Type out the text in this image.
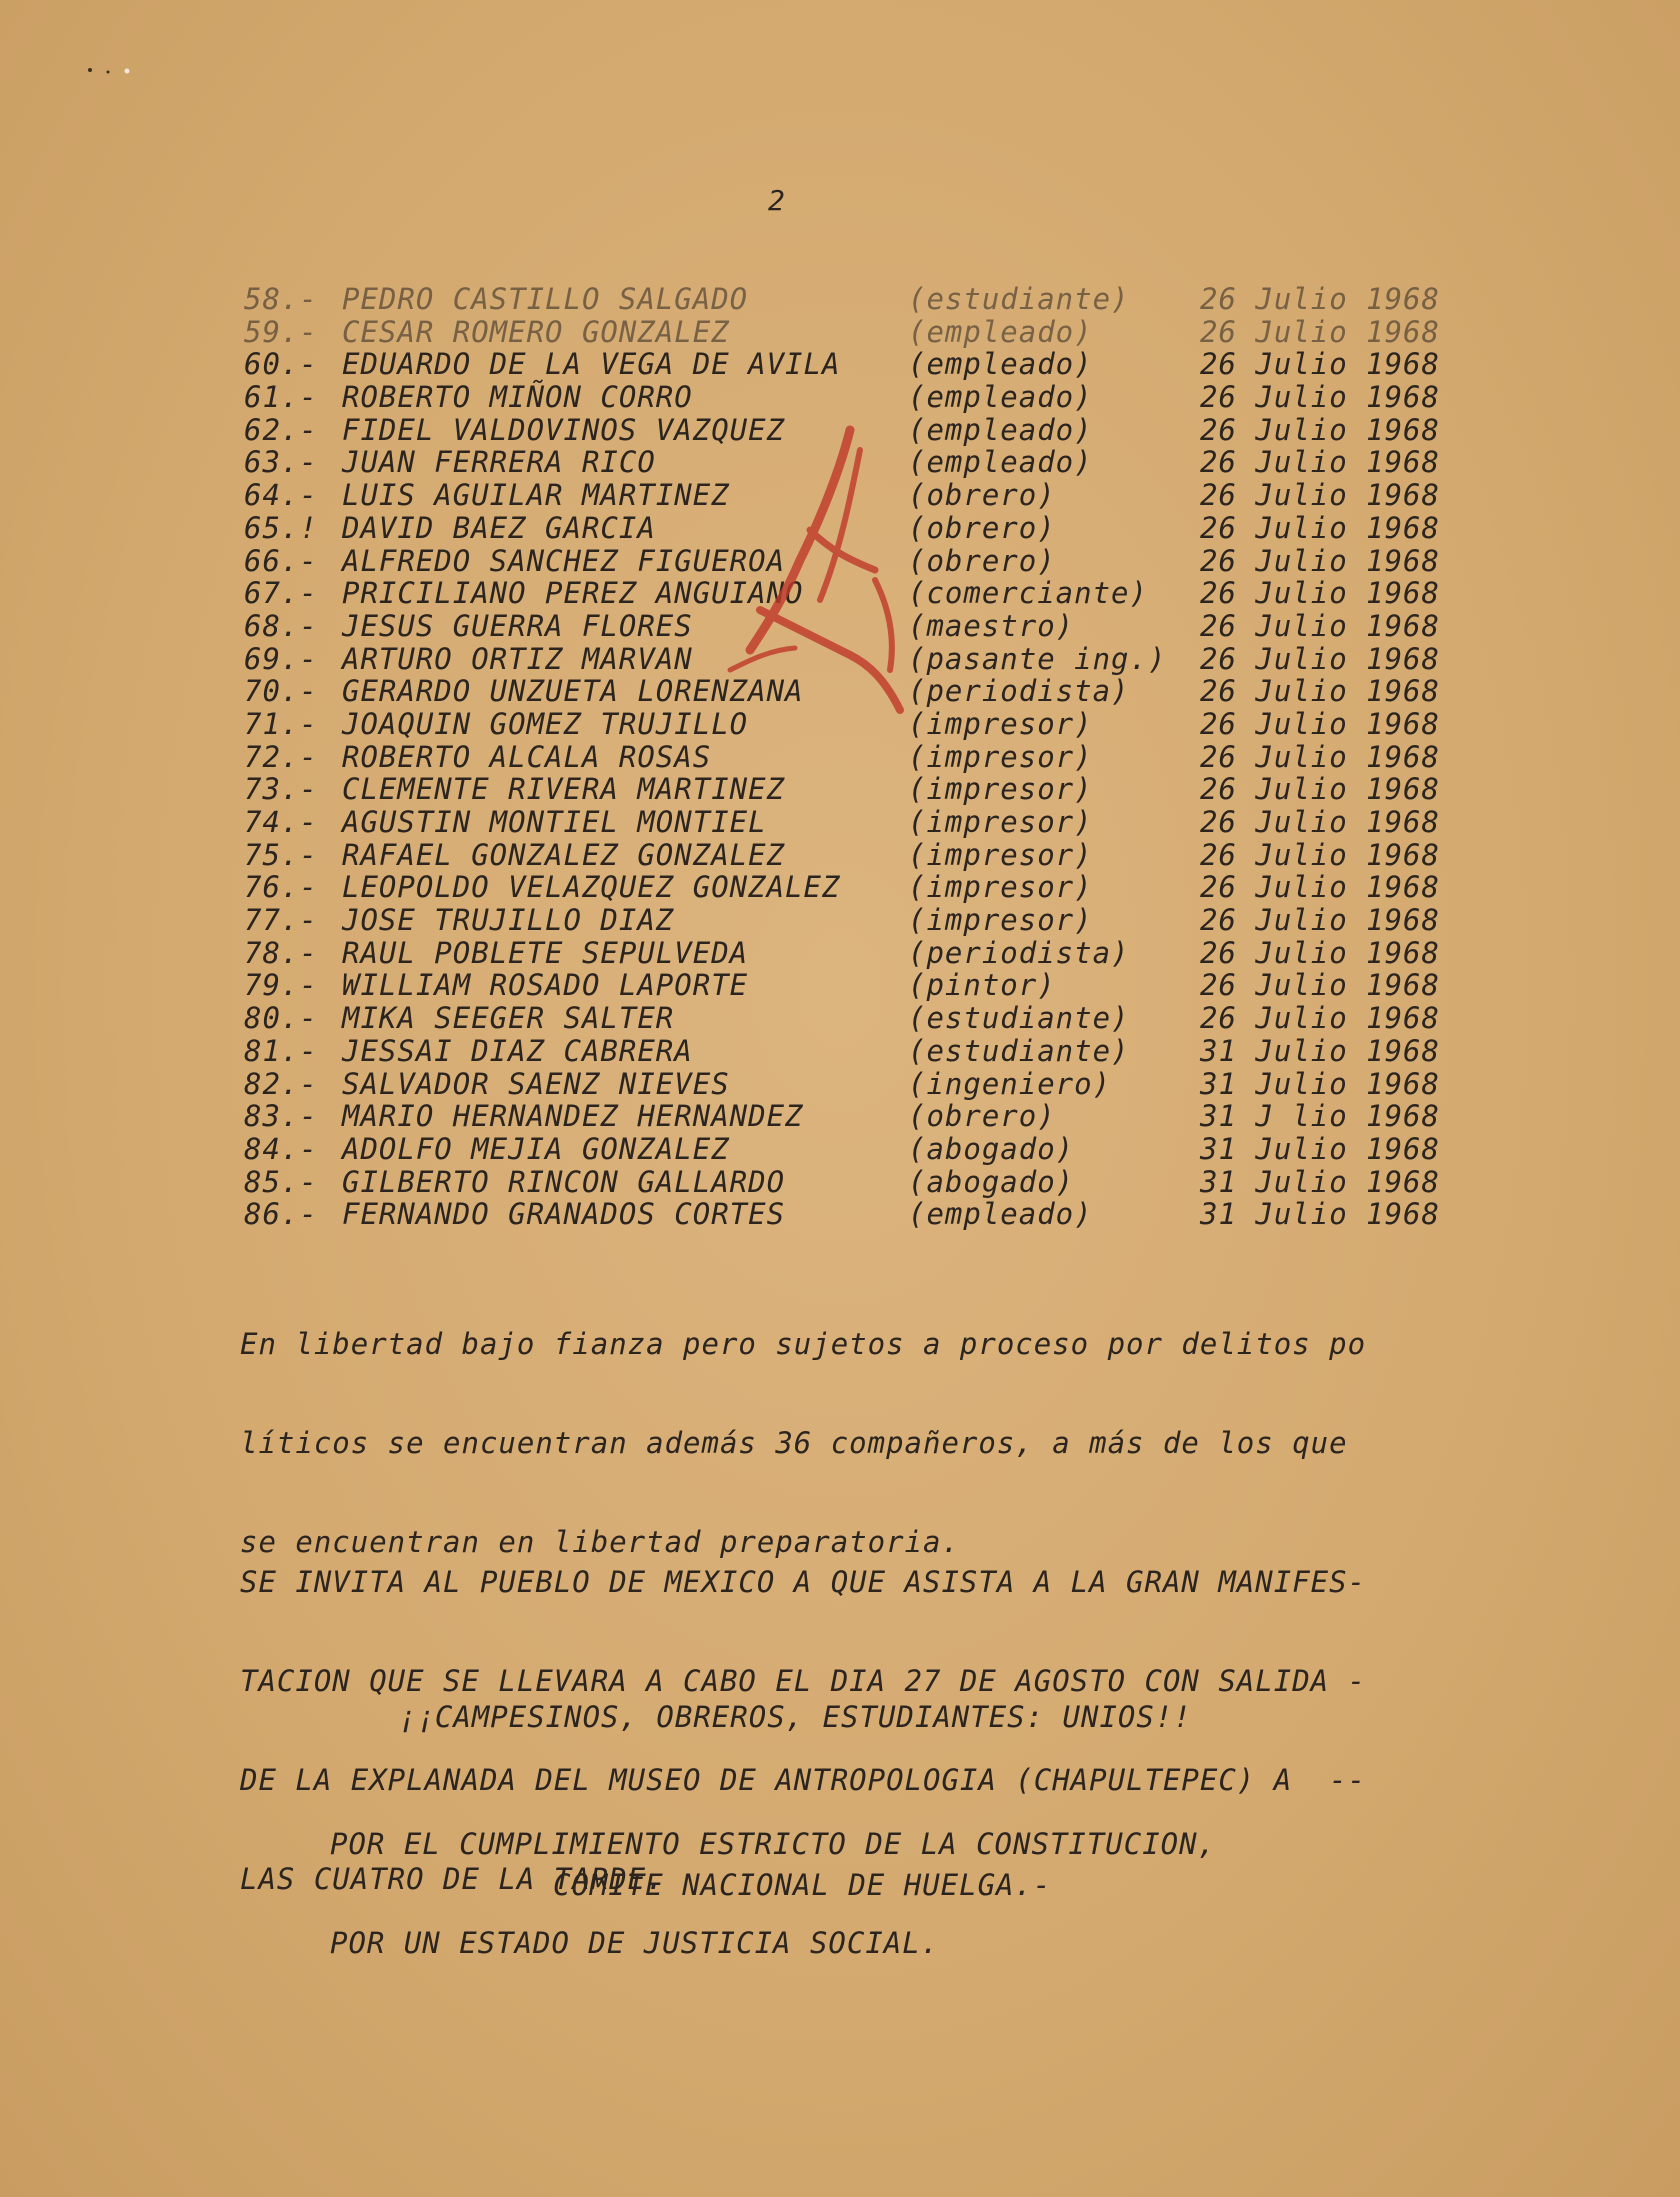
2
58.- PEDRO CASTILLO SALGADO	(estudiante) 26 Julio 1968
59.- CESAR ROMERO GONZALEZ	(empleado)	26 Julio 1968
60.- EDUARDO DE LA VEGA DE AVILA (empleado)	26 Julio 1968
61.- ROBERTO MIÑON CORRO	(empleado)	26 Julio 1968
62.- FIDEL VALDOVINOS VAZQUEZ	(empleado)	26 Julio 1968
63.- JUAN FERRERA RICO	(empleado)	26 Julio 1968
64.- LUIS AGUILAR MARTINEZ	(obrero)	26 Julio 1968
65.! DAVID BAEZ GARCIA	(obrero)	26 Julio 1968
66.- ALFREDO SANCHEZ FIGUEROA	(obrero)	26 Julio 1968
67.- PRICILIANO PEREZ ANGUIANO	(comerciante) 26 Julio 1968
68.- JESUS GUERRA FLORES	(maestro)	26 Julio 1968
69.- ARTURO ORTIZ MARVAN	(pasante ing.) 26 Julio 1968
70.- GERARDO UNZUETA LORENZANA	(periodista) 26 Julio 1968
71.- JOAQUIN GOMEZ TRUJILLO	(impresor)	26 Julio 1968
72.- ROBERTO ALCALA ROSAS	(impresor)	26 Julio 1968
73.- CLEMENTE RIVERA MARTINEZ	(impresor)	26 Julio 1968
74.- AGUSTIN MONTIEL MONTIEL	(impresor)	26 Julio 1968
75.- RAFAEL GONZALEZ GONZALEZ	(impresor)	26 Julio 1968
76.- LEOPOLDO VELAZQUEZ GONZALEZ (impresor)	26 Julio 1968
77.- JOSE TRUJILLO DIAZ	(impresor)	26 Julio 1968
78.- RAUL POBLETE SEPULVEDA	(periodista) 26 Julio 1968
79.- WILLIAM ROSADO LAPORTE	(pintor)	26 Julio 1968
80.- MIKA SEEGER SALTER	(estudiante) 26 Julio 1968
81.- JESSAI DIAZ CABRERA	(estudiante) 31 Julio 1968
82.- SALVADOR SAENZ NIEVES	(ingeniero)	31 Julio 1968
83.- MARIO HERNANDEZ HERNANDEZ	(obrero)	31 J lio 1968
84.- ADOLFO MEJIA GONZALEZ	(abogado)	31 Julio 1968
85.- GILBERTO RINCON GALLARDO	(abogado)	31 Julio 1968
86.- FERNANDO GRANADOS CORTES	(empleado)	31 Julio 1968

En libertad bajo fianza pero sujetos a proceso por delitos po

líticos se encuentran además 36 compañeros, a más de los que

se encuentran en libertad preparatoria.

SE INVITA AL PUEBLO DE MEXICO A QUE ASISTA A LA GRAN MANIFES-

TACION QUE SE LLEVARA A CABO EL DIA 27 DE AGOSTO CON SALIDA -

DE LA EXPLANADA DEL MUSEO DE ANTROPOLOGIA (CHAPULTEPEC) A  --

LAS CUATRO DE LA TARDE.

¡¡CAMPESINOS, OBREROS, ESTUDIANTES: UNIOS!!

POR EL CUMPLIMIENTO ESTRICTO DE LA CONSTITUCION,

POR UN ESTADO DE JUSTICIA SOCIAL.

COMITE NACIONAL DE HUELGA.-
